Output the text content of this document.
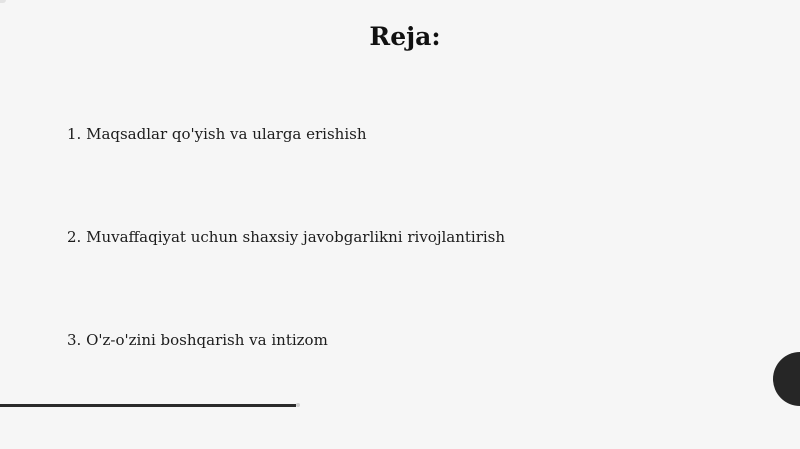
Reja:
1. Maqsadlar qo'yish va ularga erishish
2. Muvaffaqiyat uchun shaxsiy javobgarlikni rivojlantirish
3. O'z-o'zini boshqarish va intizom
